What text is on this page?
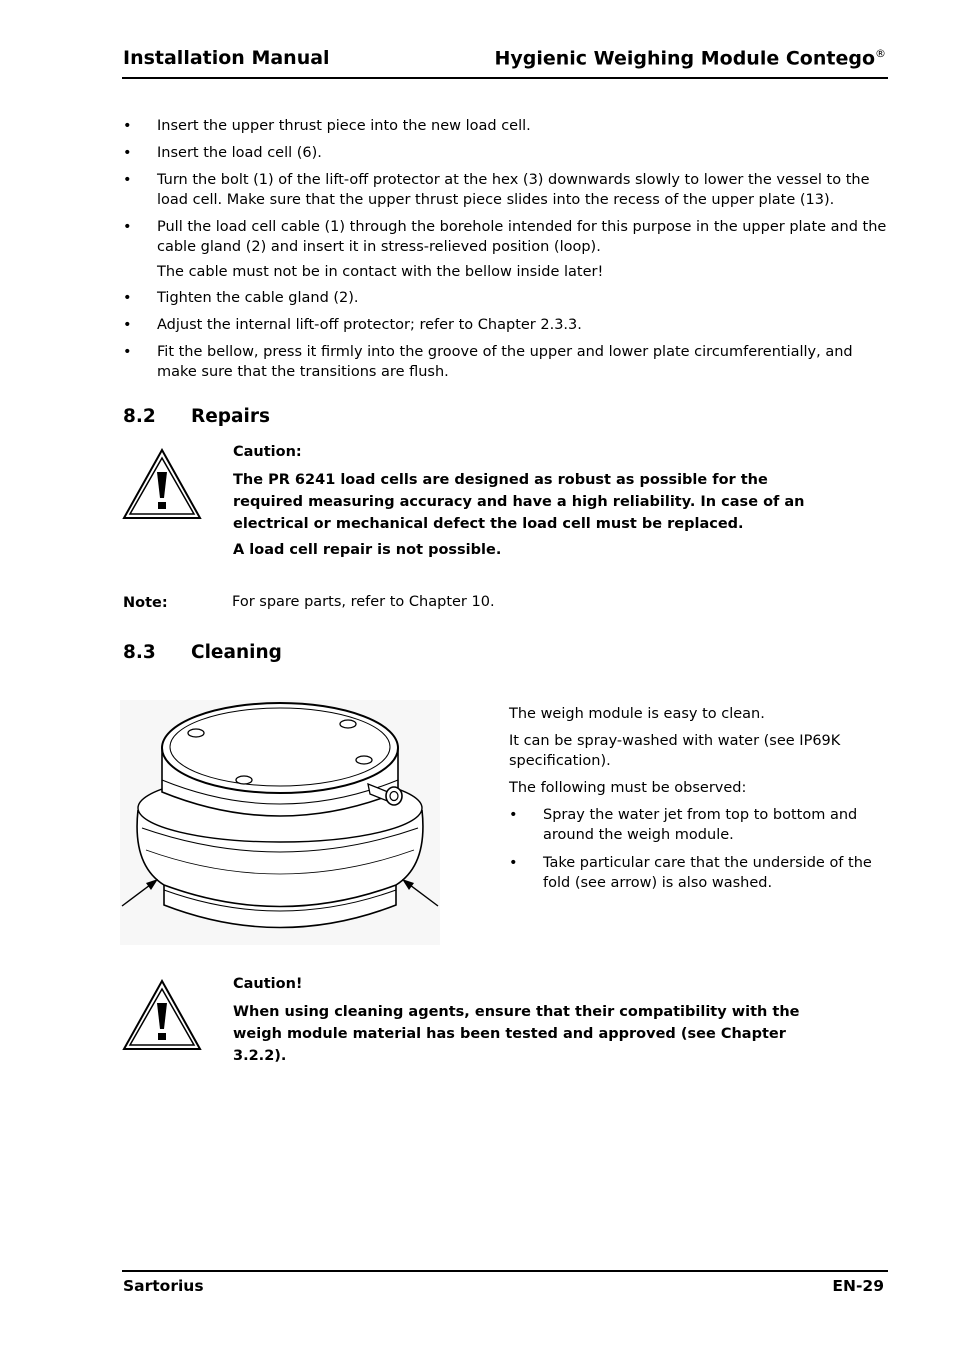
Installation Manual	Hygienic Weighing Module Contego®
• Insert the upper thrust piece into the new load cell.
• Insert the load cell (6).
• Turn the bolt (1) of the lift-off protector at the hex (3) downwards slowly to lower the vessel to the load cell. Make sure that the upper thrust piece slides into the recess of the upper plate (13).
• Pull the load cell cable (1) through the borehole intended for this purpose in the upper plate and the cable gland (2) and insert it in stress-relieved position (loop).
The cable must not be in contact with the bellow inside later!
• Tighten the cable gland (2).
• Adjust the internal lift-off protector; refer to Chapter 2.3.3.
• Fit the bellow, press it firmly into the groove of the upper and lower plate circumferentially, and make sure that the transitions are flush.
8.2 Repairs

Caution:

The PR 6241 load cells are designed as robust as possible for the required measuring accuracy and have a high reliability. In case of an electrical or mechanical defect the load cell must be replaced.

A load cell repair is not possible.

Note:	For spare parts, refer to Chapter 10.
8.3 Cleaning

The weigh module is easy to clean.

It can be spray-washed with water (see IP69K specification).

The following must be observed:

• Spray the water jet from top to bottom and around the weigh module.
• Take particular care that the underside of the fold (see arrow) is also washed.

Caution!

When using cleaning agents, ensure that their compatibility with the weigh module material has been tested and approved (see Chapter 3.2.2).

Sartorius	EN-29
